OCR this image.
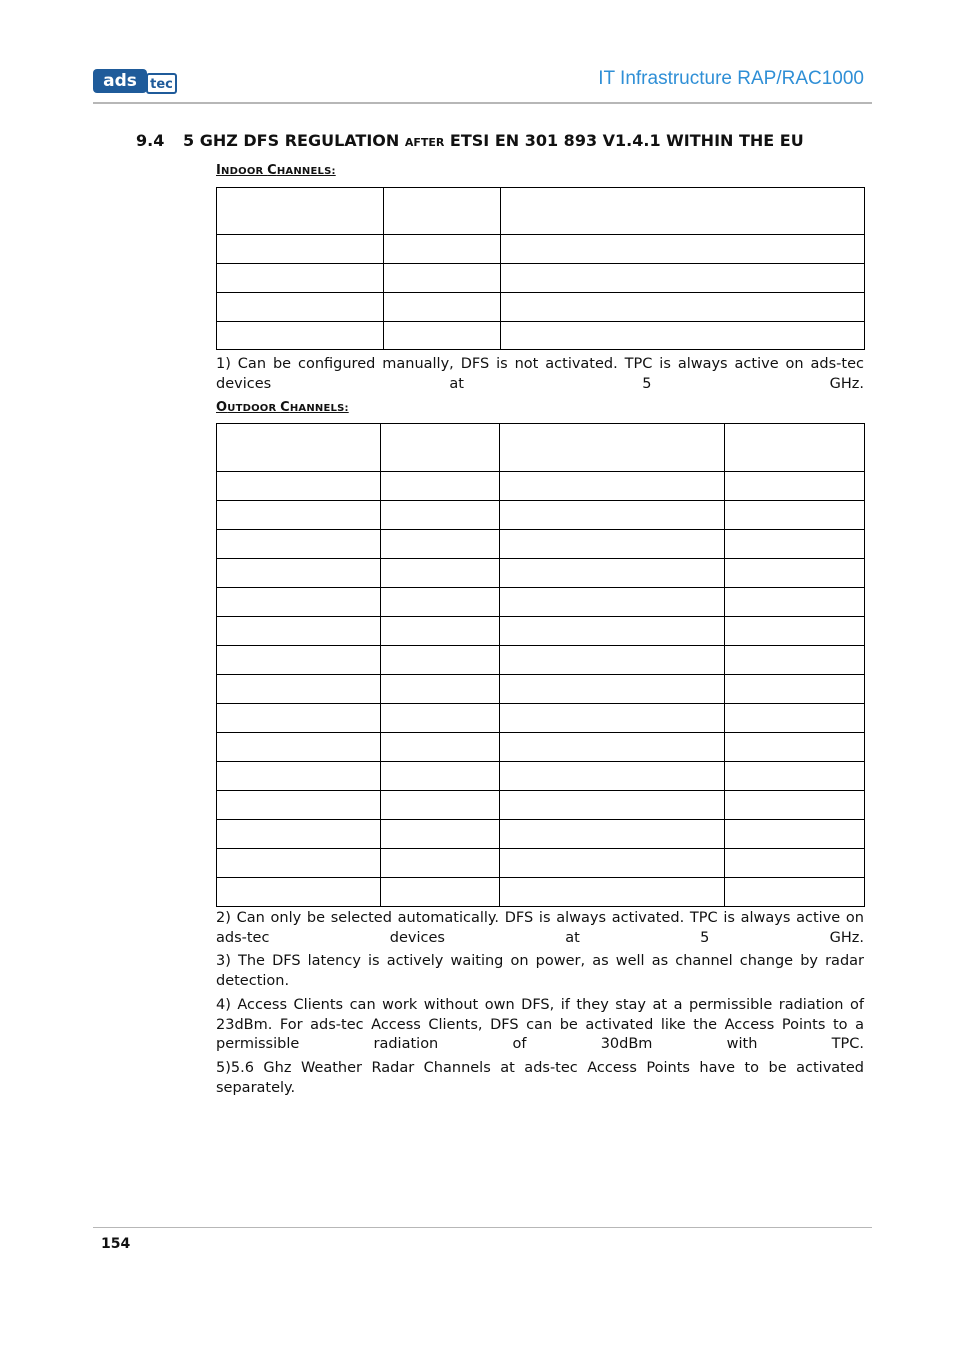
ads tec	IT Infrastructure RAP/RAC1000
9.4 5 GHZ DFS REGULATION AFTER ETSI EN 301 893 V1.4.1 WITHIN THE EU
INDOOR CHANNELS:

1) Can be configured manually, DFS is not activated. TPC is always active on ads-tec devices at 5 GHz.
OUTDOOR CHANNELS:

2) Can only be selected automatically. DFS is always activated. TPC is always active on ads-tec devices at 5 GHz.
3) The DFS latency is actively waiting on power, as well as channel change by radar detection.
4) Access Clients can work without own DFS, if they stay at a permissible radiation of 23dBm. For ads-tec Access Clients, DFS can be activated like the Access Points to a permissible radiation of 30dBm with TPC.
5)5.6 Ghz Weather Radar Channels at ads-tec Access Points have to be activated separately.
154
